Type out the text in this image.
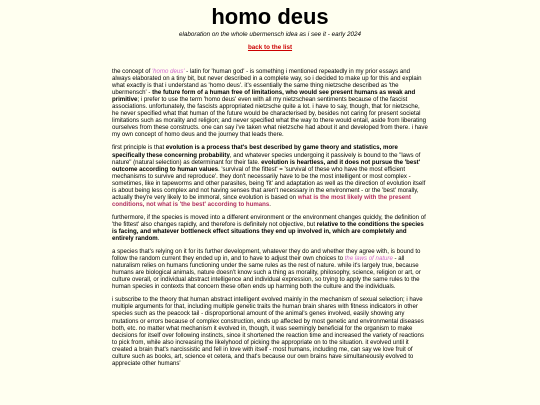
homo deus
elaboration on the whole ubermensch idea as i see it - early 2024
back to the list

the concept of 'homo deus' - latin for 'human god' - is something i mentioned repeatedly in my prior essays and always elaborated on a tiny bit, but never described in a complete way, so i decided to make up for this and explain what exactly is that i understand as 'homo deus'. it's essentially the same thing nietzsche described as 'the ubermensch' - the future form of a human free of limitations, who would see present humans as weak and primitive; i prefer to use the term 'homo deus' even with all my nietzschean sentiments because of the fascist associations. unfortunately, the fascists appropriated nietzsche quite a lot. i have to say, though, that for nietzsche, he never specified what that human of the future would be characterised by, besides not caring for present societal limitations such as morality and religion; and never specified what the way to there would entail, aside from liberating ourselves from these constructs. one can say i've taken what nietzsche had about it and developed from there. i have my own concept of homo deus and the journey that leads there.

first principle is that evolution is a process that's best described by game theory and statistics, more specifically these concerning probability, and whatever species undergoing it passively is bound to the "laws of nature" (natural selection) as determinant for their fate. evolution is heartless, and it does not pursue the 'best' outcome according to human values. 'survival of the fittest' = 'survival of these who have the most efficient mechanisms to survive and reproduce'. they don't necessarily have to be the most intelligent or most complex - sometimes, like in tapeworms and other parasites, being 'fit' and adaptation as well as the direction of evolution itself is about being less complex and not having senses that aren't necessary in the environment - or the 'best' morally, actually they're very likely to be immoral, since evolution is based on what is the most likely with the present conditions, not what is 'the best' according to humans.

furthermore, if the species is moved into a different environment or the environment changes quickly, the definition of 'the fittest' also changes rapidly, and therefore is definitely not objective, but relative to the conditions the species is facing, and whatever bottleneck effect situations they end up involved in, which are completely and entirely random.

a species that's relying on it for its further development, whatever they do and whether they agree with, is bound to follow the random current they ended up in, and to have to adjust their own choices to the laws of nature - all naturalism relies on humans functioning under the same rules as the rest of nature. while it's largely true, because humans are biological animals, nature doesn't know such a thing as morality, philosophy, science, religion or art, or culture overall, or individual abstract intelligence and individual expression, so trying to apply the same rules to the human species in contexts that concern these often ends up harming both the culture and the individuals.

i subscribe to the theory that human abstract intelligent evolved mainly in the mechanism of sexual selection; i have multiple arguments for that, including multiple genetic traits the human brain shares with fitness indicators in other species such as the peacock tail - disproportional amount of the animal's genes involved, easily showing any mutations or errors because of complex construction, ends up affected by most genetic and environmental diseases both, etc. no matter what mechanism it evolved in, though, it was seemingly beneficial for the organism to make decisions for itself over following instincts, since it shortened the reaction time and increased the variety of reactions to pick from, while also increasing the likelyhood of picking the appropriate on to the situation. it evolved until it created a brain that's narcissistic and fell in love with itself - most humans, including me, can say we love fruit of culture such as books, art, science et cetera, and that's because our own brains have simultaneously evolved to appreciate other humans'
